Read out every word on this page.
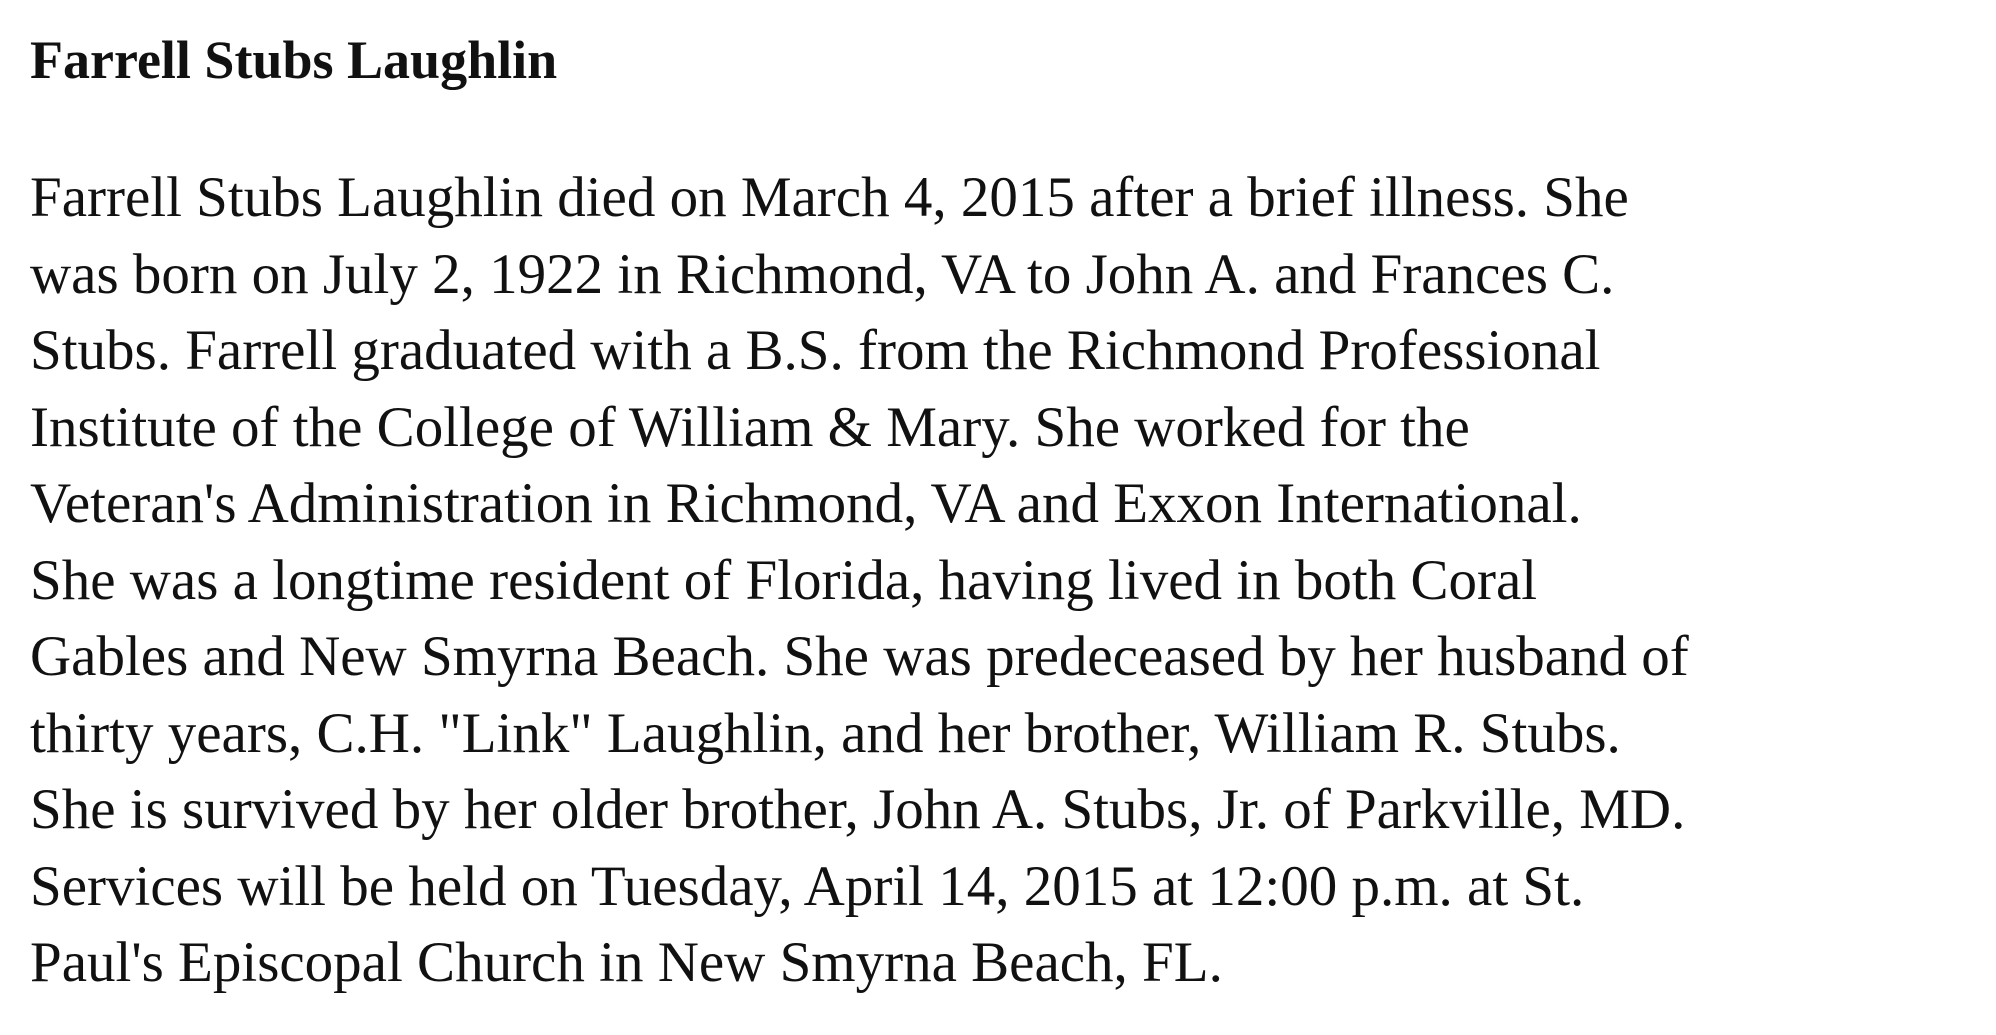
Farrell Stubs Laughlin
Farrell Stubs Laughlin died on March 4, 2015 after a brief illness. She
was born on July 2, 1922 in Richmond, VA to John A. and Frances C.
Stubs. Farrell graduated with a B.S. from the Richmond Professional
Institute of the College of William & Mary. She worked for the
Veteran's Administration in Richmond, VA and Exxon International.
She was a longtime resident of Florida, having lived in both Coral
Gables and New Smyrna Beach. She was predeceased by her husband of
thirty years, C.H. "Link" Laughlin, and her brother, William R. Stubs.
She is survived by her older brother, John A. Stubs, Jr. of Parkville, MD.
Services will be held on Tuesday, April 14, 2015 at 12:00 p.m. at St.
Paul's Episcopal Church in New Smyrna Beach, FL.
